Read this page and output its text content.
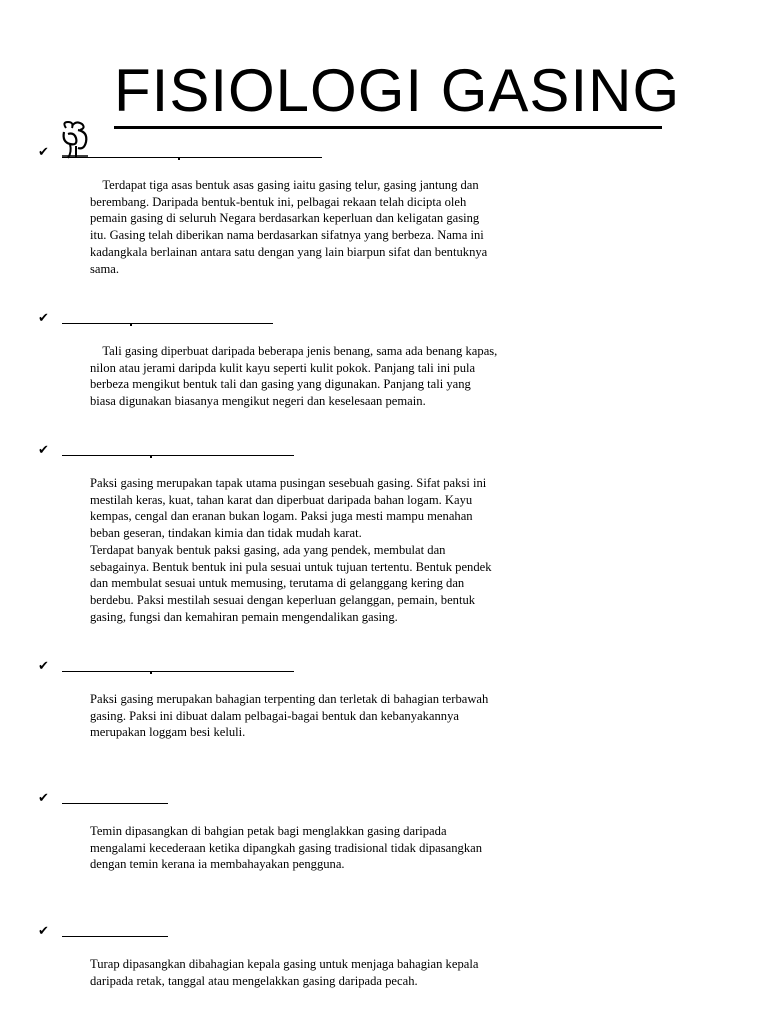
FISIOLOGI GASING
✔

Terdapat tiga asas bentuk asas gasing iaitu gasing telur, gasing jantung dan
berembang. Daripada bentuk-bentuk ini, pelbagai rekaan telah dicipta oleh
pemain gasing di seluruh Negara berdasarkan keperluan dan keligatan gasing
itu. Gasing telah diberikan nama berdasarkan sifatnya yang berbeza. Nama ini
kadangkala berlainan antara satu dengan yang lain biarpun sifat dan bentuknya
sama.

✔

Tali gasing diperbuat daripada beberapa jenis benang, sama ada benang kapas,
nilon atau jerami daripda kulit kayu seperti kulit pokok. Panjang tali ini pula
berbeza mengikut bentuk tali dan gasing yang digunakan. Panjang tali yang
biasa digunakan biasanya mengikut negeri dan keselesaan pemain.

✔

Paksi gasing merupakan tapak utama pusingan sesebuah gasing. Sifat paksi ini
mestilah keras, kuat, tahan karat dan diperbuat daripada bahan logam. Kayu
kempas, cengal dan eranan bukan logam. Paksi juga mesti mampu menahan
beban geseran, tindakan kimia dan tidak mudah karat.
Terdapat banyak bentuk paksi gasing, ada yang pendek, membulat dan
sebagainya. Bentuk bentuk ini pula sesuai untuk tujuan tertentu. Bentuk pendek
dan membulat sesuai untuk memusing, terutama di gelanggang kering dan
berdebu. Paksi mestilah sesuai dengan keperluan gelanggan, pemain, bentuk
gasing, fungsi dan kemahiran pemain mengendalikan gasing.

✔

Paksi gasing merupakan bahagian terpenting dan terletak di bahagian terbawah
gasing. Paksi ini dibuat dalam pelbagai-bagai bentuk dan kebanyakannya
merupakan loggam besi keluli.

✔

Temin dipasangkan di bahgian petak bagi menglakkan gasing daripada
mengalami kecederaan ketika dipangkah gasing tradisional tidak dipasangkan
dengan temin kerana ia membahayakan pengguna.

✔

Turap dipasangkan dibahagian kepala gasing untuk menjaga bahagian kepala
daripada retak, tanggal atau mengelakkan gasing daripada pecah.
